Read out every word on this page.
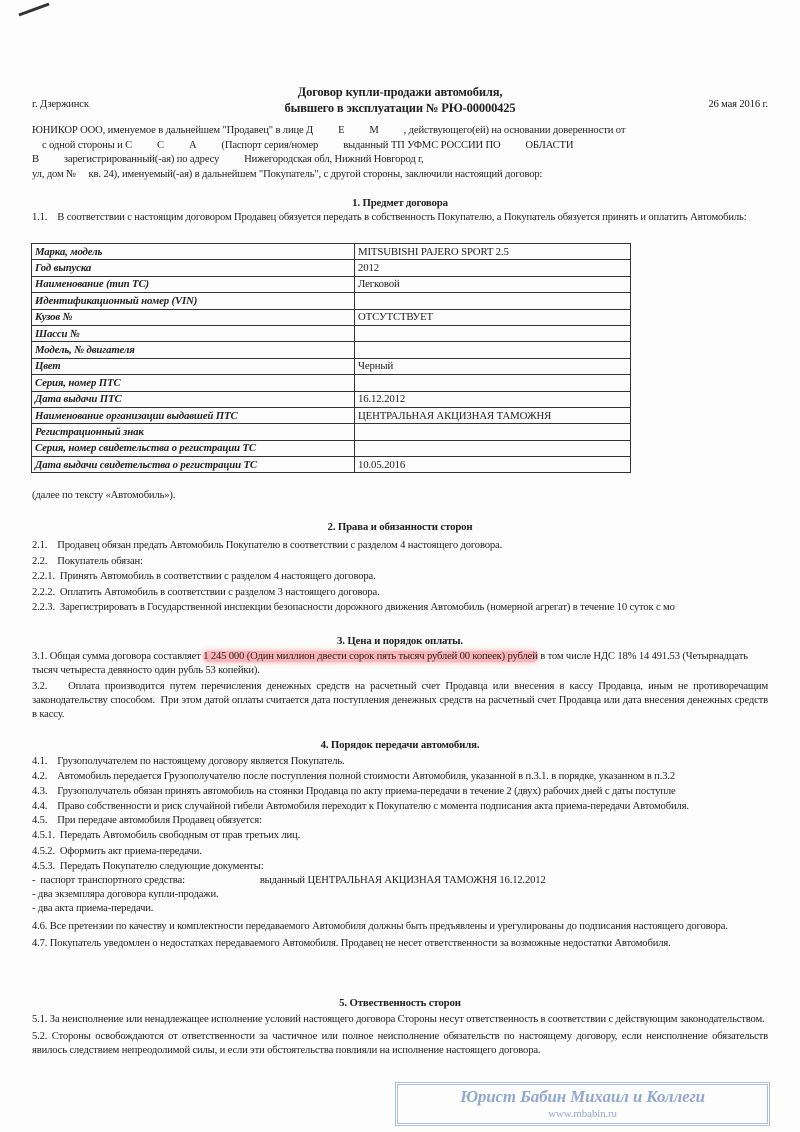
Договор купли-продажи автомобиля,
бывшего в эксплуатации № РЮ-00000425
г. Дзержинск	26 мая 2016 г.
ЮНИКОР ООО, именуемое в дальнейшем "Продавец" в лице Д          Е          М          , действующего(ей) на основании доверенности от
с одной стороны и С          С          А          (Паспорт серия/номер          выданный ТП УФМС РОССИИ ПО          ОБЛАСТИ
В          зарегистрированный(-ая) по адресу          Нижегородская обл, Нижний Новгород г,
ул, дом №     кв. 24), именуемый(-ая) в дальнейшем "Покупатель", с другой стороны, заключили настоящий договор:
1. Предмет договора
1.1.    В соответствии с настоящим договором Продавец обязуется передать в собственность Покупателю, а Покупатель обязуется принять и оплатить Автомобиль:
Марка, модель	MITSUBISHI PAJERO SPORT 2.5
Год выпуска	2012
Наименование (тип ТС)	Легковой
Идентификационный номер (VIN)	
Кузов №	ОТСУТСТВУЕТ
Шасси №	
Модель, № двигателя	
Цвет	Черный
Серия, номер ПТС	
Дата выдачи ПТС	16.12.2012
Наименование организации выдавшей ПТС	ЦЕНТРАЛЬНАЯ АКЦИЗНАЯ ТАМОЖНЯ
Регистрационный знак	
Серия, номер свидетельства о регистрации ТС	
Дата выдачи свидетельства о регистрации ТС	10.05.2016
(далее по тексту «Автомобиль»).
2. Права и обязанности сторон
2.1.    Продавец обязан предать Автомобиль Покупателю в соответствии с разделом 4 настоящего договора.
2.2.    Покупатель обязан:
2.2.1.  Принять Автомобиль в соответствии с разделом 4 настоящего договора.
2.2.2.  Оплатить Автомобиль в соответствии с разделом 3 настоящего договора.
2.2.3.  Зарегистрировать в Государственной инспекции безопасности дорожного движения Автомобиль (номерной агрегат) в течение 10 суток с мо
3. Цена и порядок оплаты.
3.1. Общая сумма договора составляет 1 245 000 (Один миллион двести сорок пять тысяч рублей 00 копеек) рублей в том числе НДС 18% 14 491.53 (Четырнадцать тысяч четыреста девяносто один рубль 53 копейки).
3.2.    Оплата производится путем перечисления денежных средств на расчетный счет Продавца или внесения в кассу Продавца, иным не противоречащим законодательству способом.  При этом датой оплаты считается дата поступления денежных средств на расчетный счет Продавца или дата внесения денежных средств в кассу.
4. Порядок передачи автомобиля.
4.1.    Грузополучателем по настоящему договору является Покупатель.
4.2.    Автомобиль передается Грузополучателю после поступления полной стоимости Автомобиля, указанной в п.3.1. в порядке, указанном в п.3.2
4.3.    Грузополучатель обязан принять автомобиль на стоянки Продавца по акту приема-передачи в течение 2 (двух) рабочих дней с даты поступле
4.4.    Право собственности и риск случайной гибели Автомобиля переходит к Покупателю с момента подписания акта приема-передачи Автомобиля.
4.5.    При передаче автомобиля Продавец обязуется:
4.5.1.  Передать Автомобиль свободным от прав третьих лиц.
4.5.2.  Оформить акт приема-передачи.
4.5.3.  Передать Покупателю следующие документы:
-  паспорт транспортного средства:                              выданный ЦЕНТРАЛЬНАЯ АКЦИЗНАЯ ТАМОЖНЯ 16.12.2012
- два экземпляра договора купли-продажи.
- два акта приема-передачи.
4.6. Все претензии по качеству и комплектности передаваемого Автомобиля должны быть предъявлены и урегулированы до подписания настоящего договора.
4.7. Покупатель уведомлен о недостатках передаваемого Автомобиля. Продавец не несет ответственности за возможные недостатки Автомобиля.
5. Отвественность сторон
5.1. За неисполнение или ненадлежащее исполнение условий настоящего договора Стороны несут ответственность в соответствии с действующим законодательством.
5.2. Стороны освобождаются от ответственности за частичное или полное неисполнение обязательств по настоящему договору, если неисполнение обязательств явилось следствием непреодолимой силы, и если эти обстоятельства повлияли на исполнение настоящего договора.
Юрист Бабин Михаил и Коллеги
www.mbabin.ru
